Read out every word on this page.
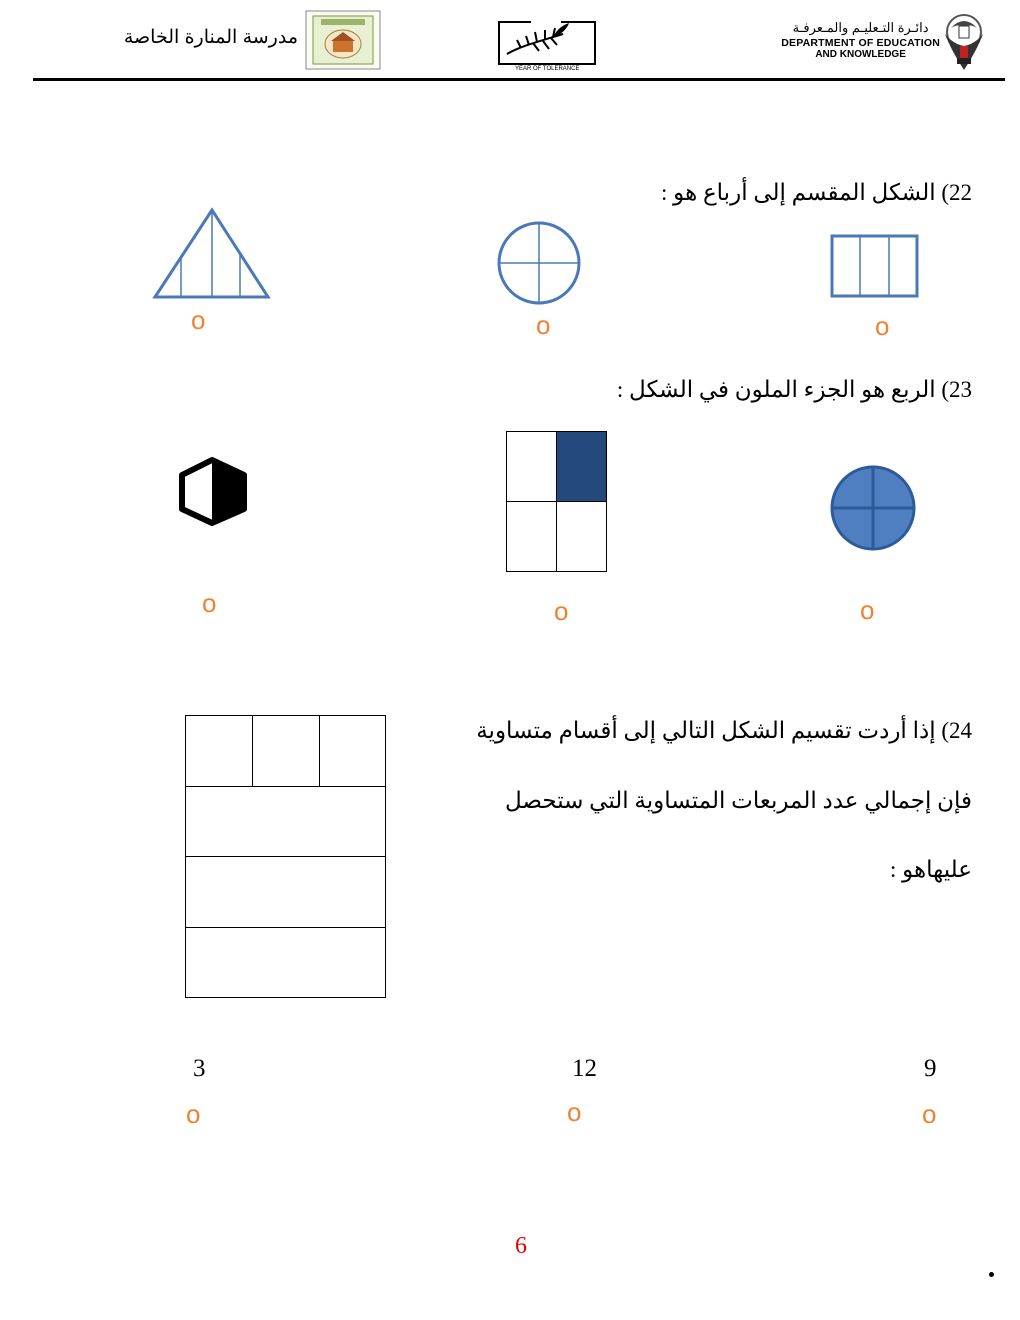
مدرسة المنارة الخاصة
YEAR OF TOLERANCE
دائـرة التـعليـم والمـعرفـة
DEPARTMENT OF EDUCATION
AND KNOWLEDGE
22) الشكل المقسم إلى أرباع هو :
o	o	o
23) الربع هو الجزء الملون في الشكل :
o	o	o
24) إذا أردت تقسيم الشكل التالي إلى أقسام متساوية
فإن إجمالي عدد المربعات المتساوية التي ستحصل
عليهاهو :
9
o
12
o
3
o
6
